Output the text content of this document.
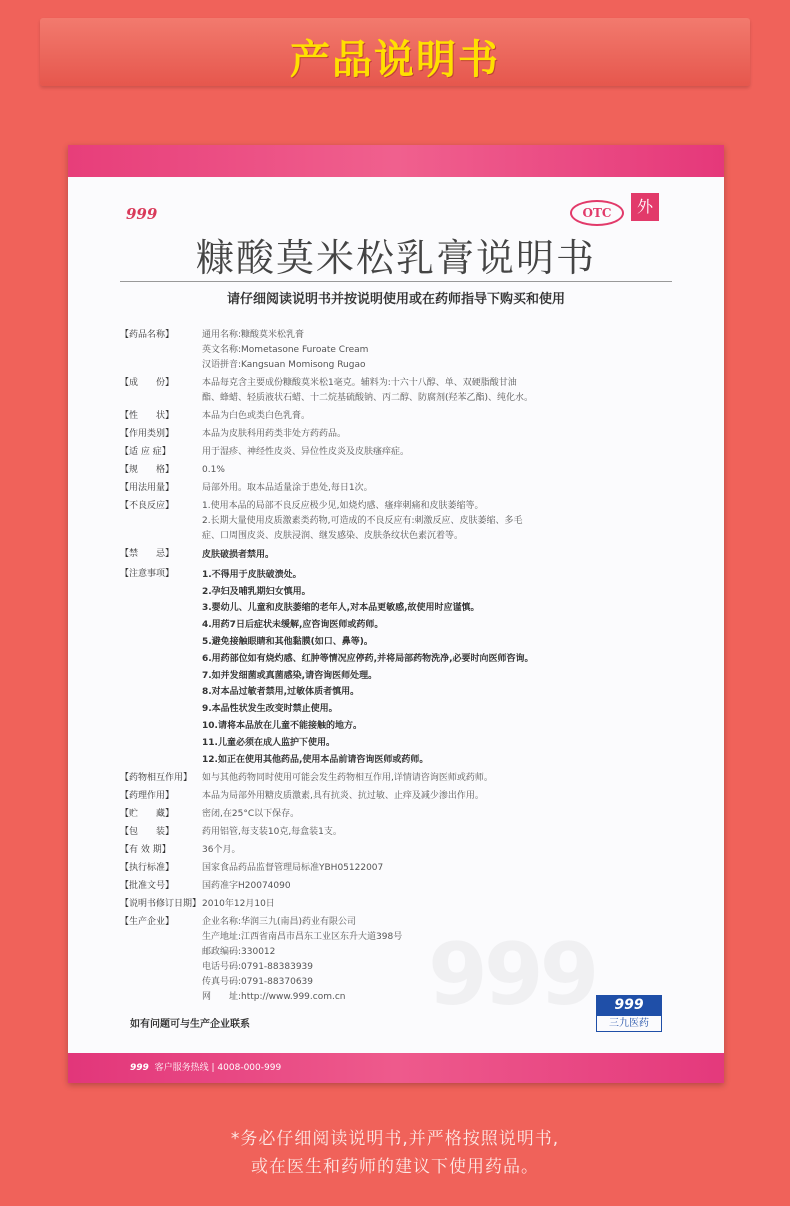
产品说明书
999	OTC	外
糠酸莫米松乳膏说明书
请仔细阅读说明书并按说明使用或在药师指导下购买和使用
【 药品名称 】	通用名称:糠酸莫米松乳膏
英文名称:Mometasone Furoate Cream
汉语拼音:Kangsuan Momisong Rugao
【 成　　份 】	本品每克含主要成份糠酸莫米松1毫克。辅料为:十六十八醇、单、双硬脂酸甘油
酯、蜂蜡、轻质液状石蜡、十二烷基硫酸钠、丙二醇、防腐剂(羟苯乙酯)、纯化水。
【 性　　状 】	本品为白色或类白色乳膏。
【 作用类别 】	本品为皮肤科用药类非处方药药品。
【 适 应 症 】	用于湿疹、神经性皮炎、异位性皮炎及皮肤瘙痒症。
【 规　　格 】	0.1%
【 用法用量 】	局部外用。取本品适量涂于患处,每日1次。
【 不良反应 】	1.使用本品的局部不良反应极少见,如烧灼感、瘙痒刺痛和皮肤萎缩等。
2.长期大量使用皮质激素类药物,可造成的不良反应有:刺激反应、皮肤萎缩、多毛
症、口周围皮炎、皮肤浸润、继发感染、皮肤条纹状色素沉着等。
【 禁　　忌 】	皮肤破损者禁用。
【 注意事项 】	1.不得用于皮肤破溃处。
2.孕妇及哺乳期妇女慎用。
3.婴幼儿、儿童和皮肤萎缩的老年人,对本品更敏感,故使用时应谨慎。
4.用药7日后症状未缓解,应咨询医师或药师。
5.避免接触眼睛和其他黏膜(如口、鼻等)。
6.用药部位如有烧灼感、红肿等情况应停药,并将局部药物洗净,必要时向医师咨询。
7.如并发细菌或真菌感染,请咨询医师处理。
8.对本品过敏者禁用,过敏体质者慎用。
9.本品性状发生改变时禁止使用。
10.请将本品放在儿童不能接触的地方。
11.儿童必须在成人监护下使用。
12.如正在使用其他药品,使用本品前请咨询医师或药师。
【 药物相互作用 】	如与其他药物同时使用可能会发生药物相互作用,详情请咨询医师或药师。
【 药理作用 】	本品为局部外用糖皮质激素,具有抗炎、抗过敏、止痒及减少渗出作用。
【 贮　　藏 】	密闭,在25°C以下保存。
【 包　　装 】	药用铝管,每支装10克,每盒装1支。
【 有 效 期 】	36个月。
【 执行标准 】	国家食品药品监督管理局标准YBH05122007
【 批准文号 】	国药准字H20074090
【 说明书修订日期 】	2010年12月10日
【 生产企业 】	企业名称:华润三九(南昌)药业有限公司
生产地址:江西省南昌市昌东工业区东升大道398号
邮政编码:330012
电话号码:0791-88383939
传真号码:0791-88370639
网　　址:http://www.999.com.cn
如有问题可与生产企业联系
999
三九医药
999 客户服务热线 | 4008-000-999
*务必仔细阅读说明书,并严格按照说明书,
或在医生和药师的建议下使用药品。
